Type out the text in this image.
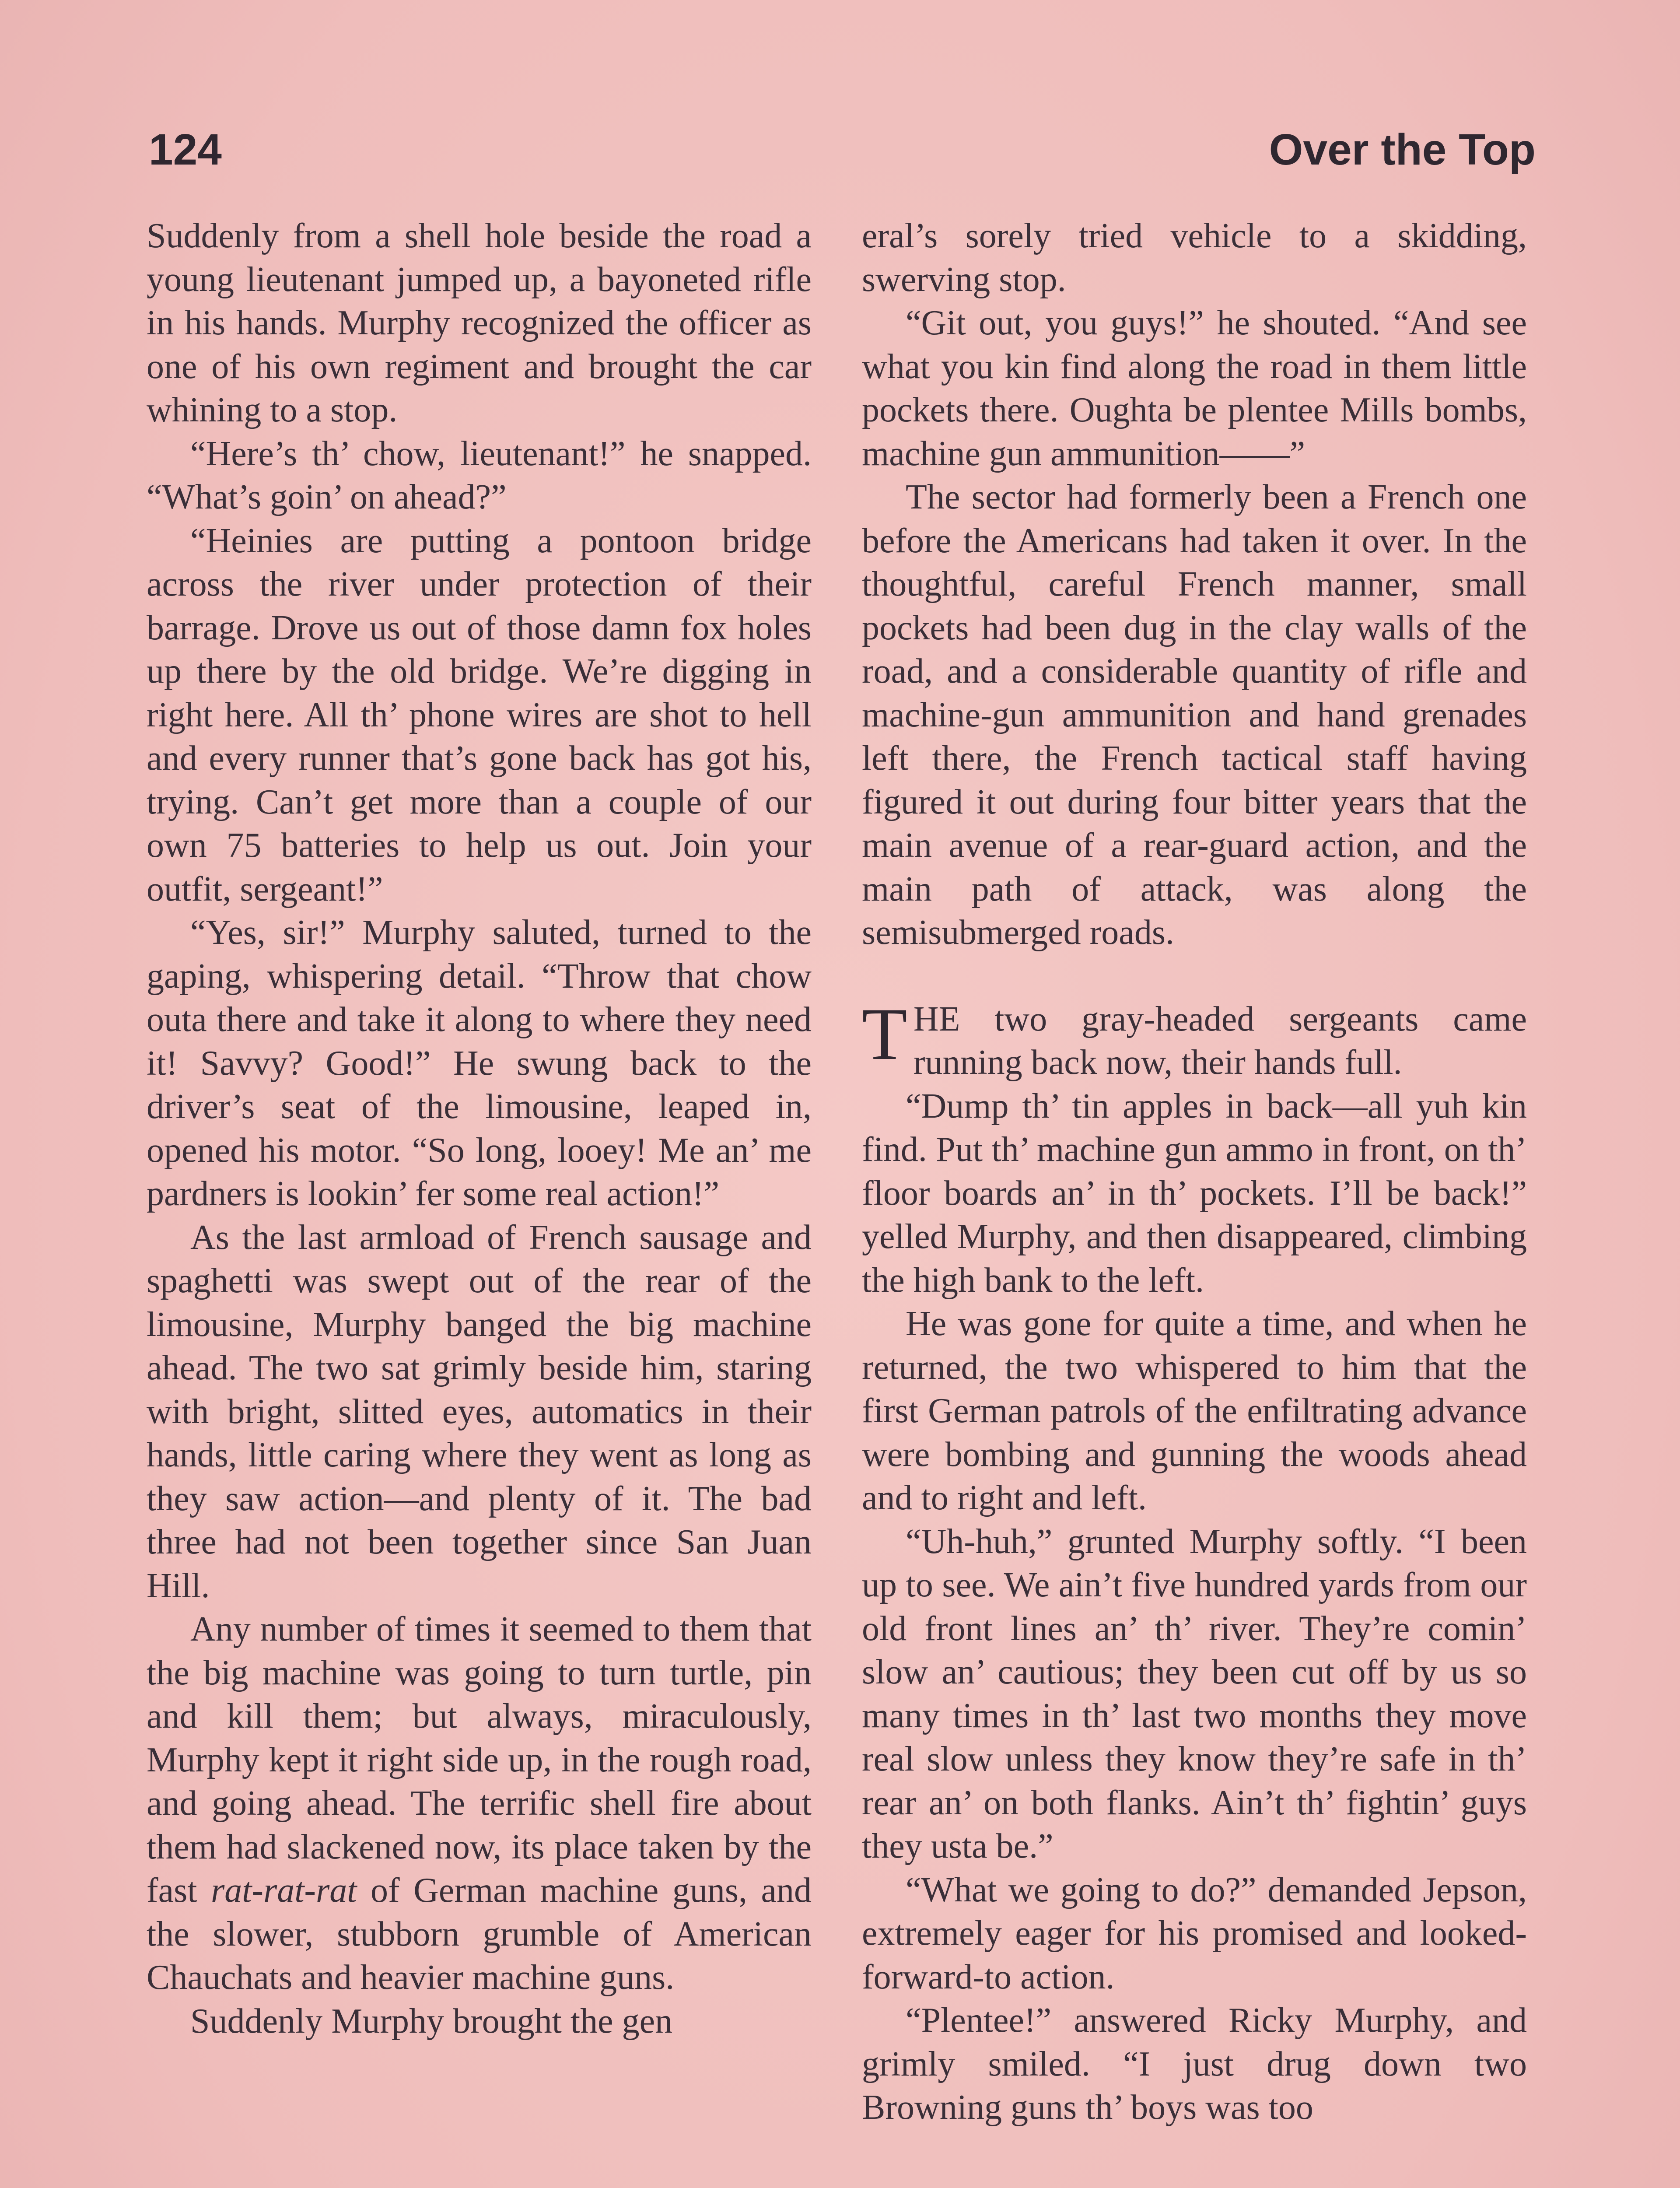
124	Over the Top

Suddenly from a shell hole beside the road a young lieutenant jumped up, a bayoneted rifle in his hands. Murphy recognized the officer as one of his own regiment and brought the car whining to a stop.

“Here’s th’ chow, lieutenant!” he snapped. “What’s goin’ on ahead?”

“Heinies are putting a pontoon bridge across the river under protection of their barrage. Drove us out of those damn fox holes up there by the old bridge. We’re digging in right here. All th’ phone wires are shot to hell and every runner that’s gone back has got his, trying. Can’t get more than a couple of our own 75 batteries to help us out. Join your outfit, sergeant!”

“Yes, sir!” Murphy saluted, turned to the gaping, whispering detail. “Throw that chow outa there and take it along to where they need it! Savvy? Good!” He swung back to the driver’s seat of the limousine, leaped in, opened his motor. “So long, looey! Me an’ me pardners is lookin’ fer some real action!”

As the last armload of French sausage and spaghetti was swept out of the rear of the limousine, Murphy banged the big machine ahead. The two sat grimly beside him, staring with bright, slitted eyes, automatics in their hands, little caring where they went as long as they saw action—and plenty of it. The bad three had not been together since San Juan Hill.

Any number of times it seemed to them that the big machine was going to turn turtle, pin and kill them; but always, miraculously, Murphy kept it right side up, in the rough road, and going ahead. The terrific shell fire about them had slackened now, its place taken by the fast rat-rat-rat of German machine guns, and the slower, stubborn grumble of American Chauchats and heavier machine guns.

Suddenly Murphy brought the gen

eral’s sorely tried vehicle to a skidding, swerving stop.

“Git out, you guys!” he shouted. “And see what you kin find along the road in them little pockets there. Oughta be plentee Mills bombs, machine gun ammunition——”

The sector had formerly been a French one before the Americans had taken it over. In the thoughtful, careful French manner, small pockets had been dug in the clay walls of the road, and a considerable quantity of rifle and machine-gun ammunition and hand grenades left there, the French tactical staff having figured it out during four bitter years that the main avenue of a rear-guard action, and the main path of attack, was along the semisubmerged roads.

THE two gray-headed sergeants came running back now, their hands full.

“Dump th’ tin apples in back—all yuh kin find. Put th’ machine gun ammo in front, on th’ floor boards an’ in th’ pockets. I’ll be back!” yelled Murphy, and then disappeared, climbing the high bank to the left.

He was gone for quite a time, and when he returned, the two whispered to him that the first German patrols of the enfiltrating advance were bombing and gunning the woods ahead and to right and left.

“Uh-huh,” grunted Murphy softly. “I been up to see. We ain’t five hundred yards from our old front lines an’ th’ river. They’re comin’ slow an’ cautious; they been cut off by us so many times in th’ last two months they move real slow unless they know they’re safe in th’ rear an’ on both flanks. Ain’t th’ fightin’ guys they usta be.”

“What we going to do?” demanded Jepson, extremely eager for his promised and looked-forward-to action.

“Plentee!” answered Ricky Murphy, and grimly smiled. “I just drug down two Browning guns th’ boys was too
